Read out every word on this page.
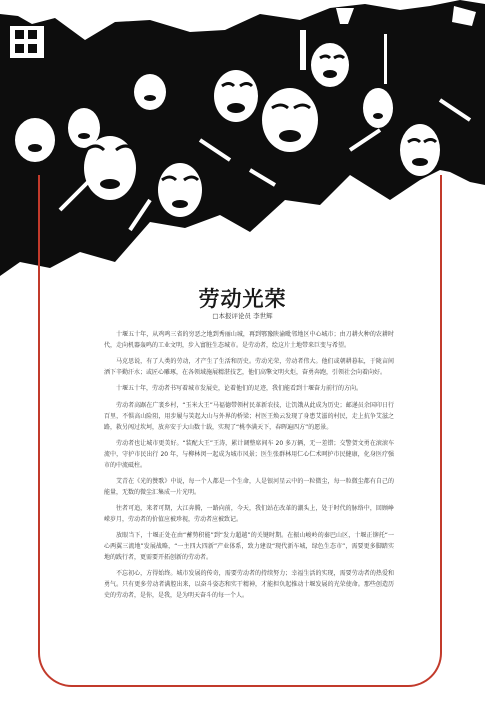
劳动光荣
□本报评论员 李世辉

十堰五十年，从鸡鸣三省的穷恶之地到秀丽山城，再到鄂豫陕渝毗邻地区中心城市；由刀耕火种的农耕时代，走向机器轰鸣的工业文明，步入富脏生态城市。是劳动者，绘这片土地带来巨变与希望。

马克思说，有了人类的劳动，才产生了生活和历史。劳动光荣，劳动者伟大。他们或朝耕暮耘，于陇亩间洒下辛勤汗水；或匠心雕琢，在各领域施展精湛技艺，他们高擎文明火炬，奋勇奔跑，引领社会向着向好。

十堰五十年，劳动者书写着城市发展史，论着他们的足迹，我们能看到十堰奋力前行的方向。

劳动者高踞在广袤乡村，“玉米大王”马福德带领村民革新农技，让饥饿从此成为历史；邮递员余国印日行百里，不惧高山险阻，用步履与笑起大山与外界的桥梁；村医王焕云发现了身患艾滋的村民，走上抗争艾滋之路，救另闯过坎坷，放弃安于大山数十载，实现了“桃李满天下，春晖遍四方”的愿景。

劳动者也让城市更美好。“装配大王”王涛，累计调整席间车 20 多万辆，无一差错；交警贺文勇在滚滚车流中，守护市民出行 20 年，与柳林闵一起成为城市风景；医生张群林用仁心仁术呵护市民健康，化身医疗强市的中流砥柱。

艾青在《光的赞歌》中说，每一个人都是一个生命，人是银河星云中的一粒微尘，每一粒微尘都有自己的能量，无数的微尘汇集成一片光明。

往者可追，来者可期，大江奔腾，一路向前，今天，我们站在改革的潮头上，处于时代的脉络中，回顾峥嵘岁月，劳动者的价值应被珍视，劳动者应被致记。

放眼当下，十堰正处在由“蓄势积能”到“发力超越”的关键时期。在振山峻岭的秦巴山区，十堰正铆托“一心两翼三流地”发展战略，“一主四大四新”产业体系，致力建设“现代新车城，绿色生态市”，需要更多脚踏实地的践行者，更需要开拓创新的劳动者。

不忘初心，方得始终。城市发展的传奇，需要劳动者的持续努力；幸福生活的实现，需要劳动者的热爱和勇气。只有更多劳动者满腔出来，以奋斗姿态和实干精神，才能担负起推动十堰发展的光荣使命。那些创造历史的劳动者，是你，是我，是为明天奋斗的每一个人。
